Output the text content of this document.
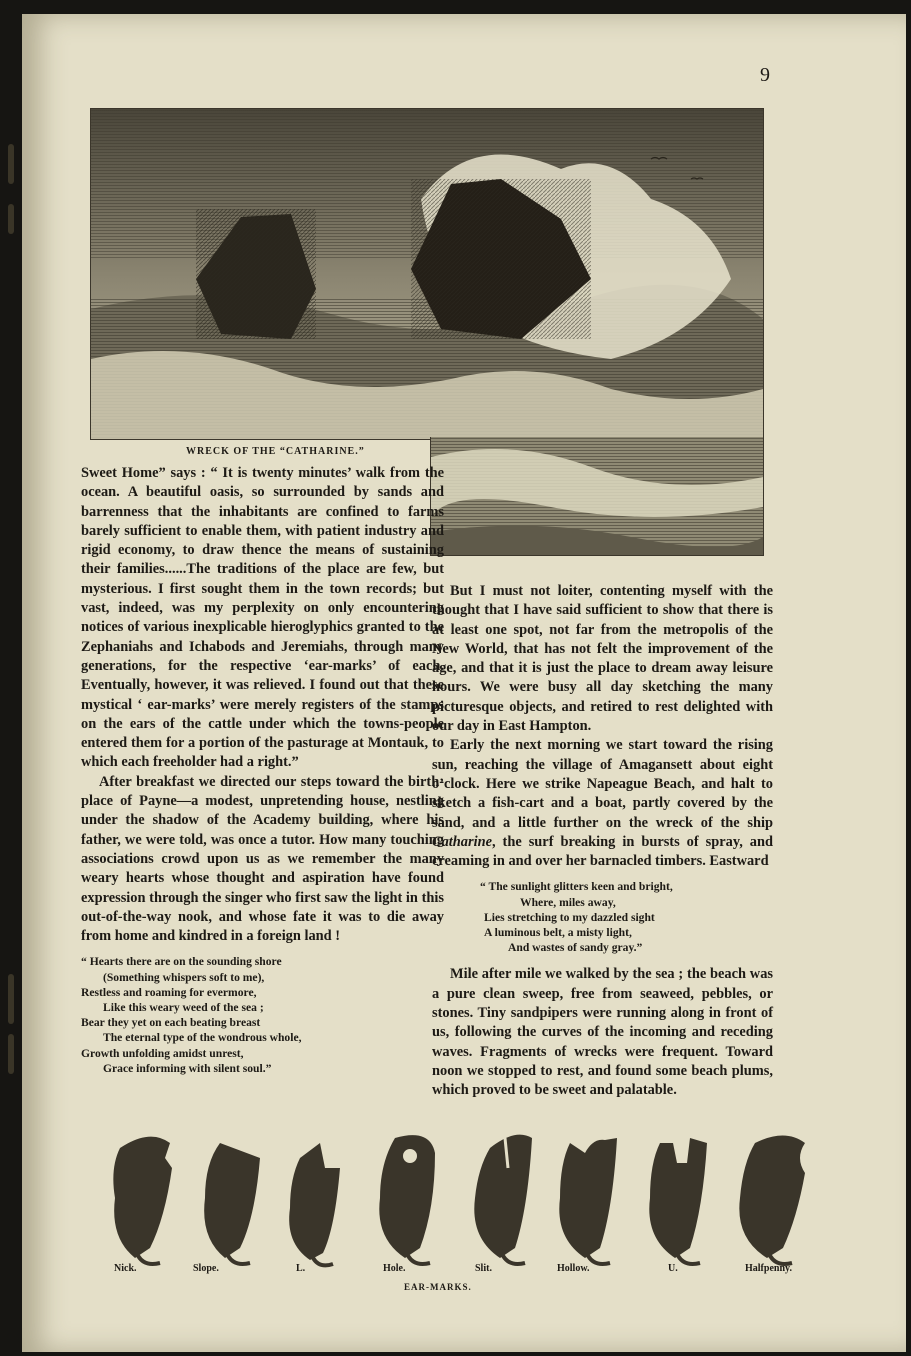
9
WRECK OF THE “CATHARINE.”

Sweet Home” says : “ It is twenty minutes’ walk from the ocean. A beautiful oasis, so surrounded by sands and barrenness that the inhabitants are confined to farms barely sufficient to enable them, with patient industry and rigid economy, to draw thence the means of sustaining their families......The traditions of the place are few, but mysterious. I first sought them in the town records; but vast, indeed, was my perplexity on only encountering notices of various inexplicable hieroglyphics granted to the Zephaniahs and Ichabods and Jeremiahs, through many generations, for the respective ‘ear-marks’ of each. Eventually, however, it was relieved. I found out that these mystical ‘ ear-marks’ were merely registers of the stamps on the ears of the cattle under which the towns-people entered them for a portion of the pasturage at Montauk, to which each freeholder had a right.”

After breakfast we directed our steps toward the birth-place of Payne—a modest, unpretending house, nestling under the shadow of the Academy building, where his father, we were told, was once a tutor. How many touching associations crowd upon us as we remember the many weary hearts whose thought and aspiration have found expression through the singer who first saw the light in this out-of-the-way nook, and whose fate it was to die away from home and kindred in a foreign land !

“ Hearts there are on the sounding shore
(Something whispers soft to me),
Restless and roaming for evermore,
Like this weary weed of the sea ;
Bear they yet on each beating breast
The eternal type of the wondrous whole,
Growth unfolding amidst unrest,
Grace informing with silent soul.”

But I must not loiter, contenting myself with the thought that I have said sufficient to show that there is at least one spot, not far from the metropolis of the New World, that has not felt the improvement of the age, and that it is just the place to dream away leisure hours. We were busy all day sketching the many picturesque objects, and retired to rest delighted with our day in East Hampton.

Early the next morning we start toward the rising sun, reaching the village of Amagansett about eight o’clock. Here we strike Napeague Beach, and halt to sketch a fish-cart and a boat, partly covered by the sand, and a little further on the wreck of the ship Catharine, the surf breaking in bursts of spray, and creaming in and over her barnacled timbers. Eastward

“ The sunlight glitters keen and bright,
Where, miles away,
Lies stretching to my dazzled sight
A luminous belt, a misty light,
And wastes of sandy gray.”

Mile after mile we walked by the sea ; the beach was a pure clean sweep, free from seaweed, pebbles, or stones. Tiny sandpipers were running along in front of us, following the curves of the incoming and receding waves. Fragments of wrecks were frequent. Toward noon we stopped to rest, and found some beach plums, which proved to be sweet and palatable.

Nick.	Slope.	L.	Hole.	Slit.	Hollow.	U.	Halfpenny.
EAR-MARKS.
